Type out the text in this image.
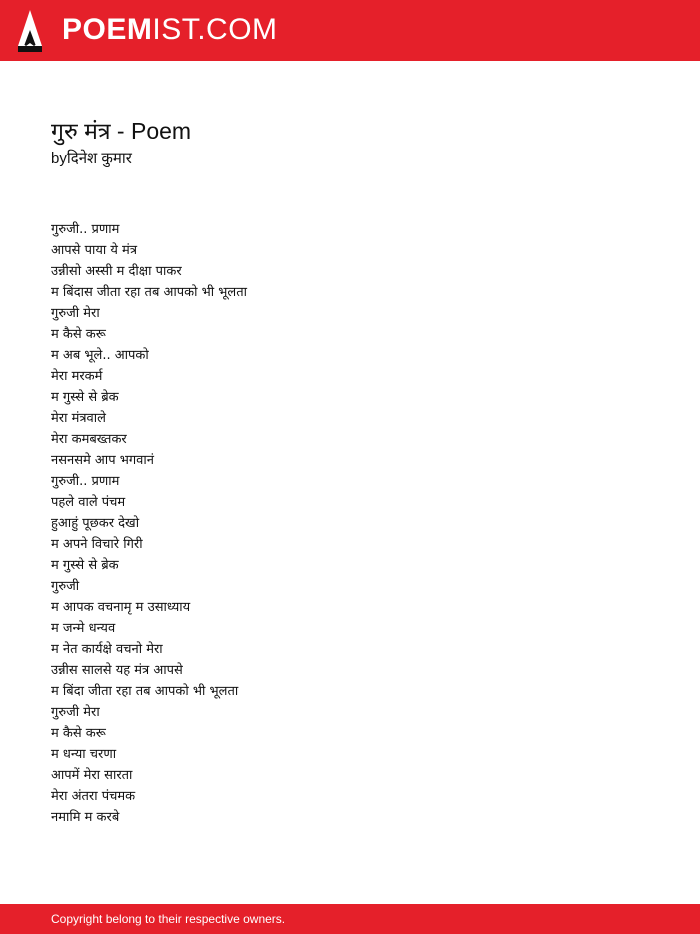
POEMIST.COM
गुरु मंत्र - Poem
byदिनेश कुमार
गुरुजी.. प्रणाम
आपसे पाया ये मंत्र
उन्नीसो अस्सी म दीक्षा पाकर
म बिंदास जीता रहा तब आपको भी भूलता
गुरुजी मेरा
म कैसे करू
म अब भूले.. आपको
मेरा मरकर्म
म गुस्से से ब्रेक
मेरा मंत्रवाले
मेरा कमबख्तकर
नसनसमे आप भगवानं
गुरुजी.. प्रणाम
पहले वाले पंचम
हुआहुं पूछकर देखो
म अपने विचारे गिरी
म गुस्से से ब्रेक
गुरुजी
म आपक वचनामृ म उसाध्याय
म जन्मे धन्यव
म नेत कार्यक्षे वचनो मेरा
उन्नीस सालसे यह मंत्र आपसे
म बिंदा जीता रहा तब आपको भी भूलता
गुरुजी मेरा
म कैसे करू
म धन्या चरणा
आपमें मेरा सारता
मेरा अंतरा पंचमक
नमामि म करबे
Copyright belong to their respective owners.
